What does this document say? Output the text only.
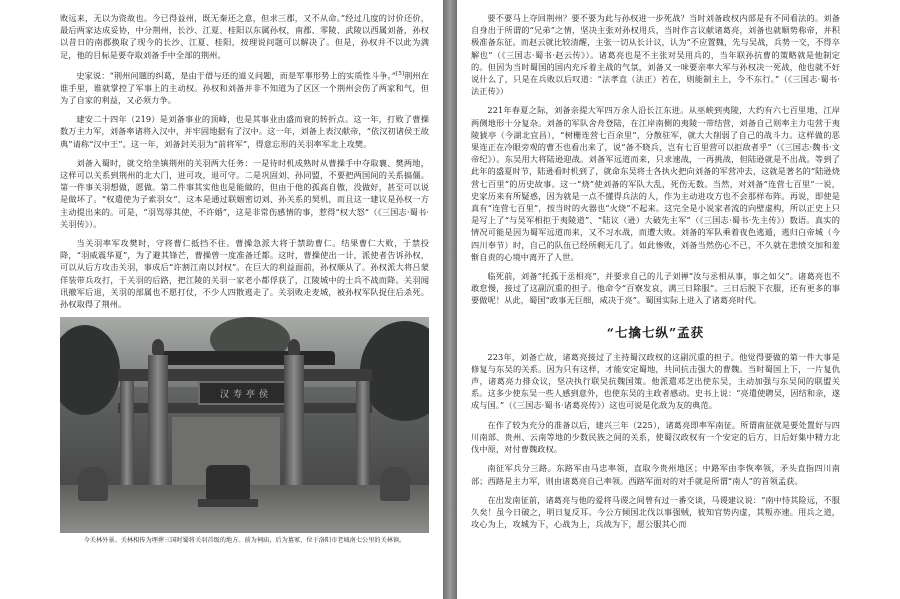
败远来，无以为资故也。今已得益州，既无秦还之意，但求三郡，又不从命。”经过几度的讨价还价，最后两家达成妥协，中分荆州，长沙、江夏、桂阳以东属孙权，南郡、零陵、武陵以西属刘备，孙权以昔日的南郡换取了现今的长沙、江夏、桂阳，按理说问题可以解决了。但是，孙权并不以此为满足，他的目标是要夺取刘备手中全部的荆州。

史家说：“荆州问题的纠葛，是由于借与还的道义问题，而是军事形势上的实质性斗争。”[5]荆州在谁手里，谁就掌控了军事上的主动权。孙权和刘备并非不知道为了区区一个荆州会伤了两家和气，但为了自家的利益，又必须力争。

建安二十四年（219）是刘备事业的顶峰，也是其事业由盛而衰的转折点。这一年，打败了曹操数万主力军，刘备率诸将入汉中，并牢固地据有了汉中。这一年，刘备上表汉献帝，“依汉初诸侯王故典”请称“汉中王”。这一年，刘备封关羽为“前将军”，得意忘形的关羽率军北上攻樊。

刘备入蜀时，就交给坐镇荆州的关羽两大任务：一是待时机成熟时从曹操手中夺取襄、樊两地，这样可以关系到荆州的北大门，进可攻，退可守。二是巩固刘、孙同盟，不要把两国间的关系搞僵。第一件事关羽想做，愿做。第二件事其实他也是能做的，但由于他的孤高自傲，没做好，甚至可以说是做坏了。“权遣使为子索羽女”，这本是通过联姻密切刘、孙关系的契机，而且这一建议是孙权一方主动提出来的。可是，“羽骂辱其使，不许婚”，这是非常伤感情的事，惹得“权大怒”（《三国志·蜀书·关羽传》）。

当关羽率军攻樊时，守将曹仁抵挡不住。曹操急派大将于禁助曹仁。结果曹仁大败，于禁投降，“羽威震华夏”，为了避其锋芒，曹操曾一度准备迁都。这时，曹操使出一计，派使者告诉孙权，可以从后方攻击关羽，事成后“许割江南以封权”。在巨大的利益面前，孙权顺从了。孙权派大将吕蒙佯装带兵攻打，于关羽的后路，把江陵的关羽一家老小都俘获了，江陵城中的士兵不战而降。关羽闻讯撤军后退，关羽的部属也不愿打仗，不少人四散逃走了。关羽败走麦城，被孙权军队捉住后杀死。孙权取得了荆州。

汉寿亭侯
今关林外景。关林相传为埋葬三国时蜀将关羽首级的地方。前为祠庙，后为墓冢，位于洛阳市老城南七公里的关林镇。

要不要马上夺回荆州？要不要为此与孙权进一步死战？当时刘备政权内部是有不同看法的。刘备自身出于所谓的“兄弟”之情，坚决主张对孙权用兵，当时作言议献诸葛亮，刘备也就顺势称帝，并积极准备东征。而赵云就比较清醒，主张一切从长计议，认为“不应置魏，先与吴战，兵势一交，不得卒解也”（《三国志·蜀书·赵云传》）。诸葛亮也是不主张对吴用兵的，当年联孙抗曹的策略就是他制定的。但因为当时蜀国的国内充斥着主战的气氛，刘备又一味要亲率大军与孙权决一死战，他也就不好说什么了，只是在兵败以后叹道：“法孝直（法正）若在，则能制主上，令不东行。”（《三国志·蜀书·法正传》）

221年春夏之际，刘备亲提大军四万余人沿长江东进。从巫峡到夷陵，大约有六七百里地，江岸两侧地形十分复杂。刘备的军队舍舟登陆，在江岸南侧的夷陵一带结营，刘备自己则率主力屯营于夷陵猇亭（今湖北宜昌），“树栅连营七百余里”，分散驻军，就大大削弱了自己的战斗力。这样做的恶果连正在冷眼旁观的曹丕也看出来了，说“备不晓兵，岂有七百里营可以拒敌者乎”（《三国志·魏书·文帝纪》）。东吴用大将陆逊迎战。刘备军远道而来，只求速战，一再挑战，但陆逊就是不出战。等到了此年的盛夏时节，陆逊看时机到了，就命东吴将士各执火把向刘备的军营冲去，这就是著名的“陆逊烧营七百里”的历史故事。这一“烧”使刘备的军队大乱，死伤无数。当然，对刘备“连营七百里”一说，史家历来有所疑惑，因为就是一点不懂得兵法的人，作为主动进攻方也不会那样布阵。再说，即使是真有“连营七百里”，按当时的火器也“火烧”不起来。这完全是小说家者流的向壁虚构，所以正史上只是写上了“与吴军相拒于夷陵道”、“陆议（逊）大破先主军”（《三国志·蜀书·先主传》）数语。真实的情况可能是因为蜀军远道而来，又不习水战，而遭大败。刘备的军队乘着夜色逃遁，逃归白帝城（今四川奉节）时，自己的队伍已经所剩无几了。如此惨败，刘备当然伤心不已，不久就在悲愤交加和羞惭自责的心境中离开了人世。

临死前，刘备“托孤于丞相亮”，并要求自己的儿子刘禅“汝与丞相从事，事之如父”。诸葛亮也不敢怠慢，接过了这副沉重的担子。他命令“百寮发哀，满三日除服”。三日后脱下衣服，还有更多的事要做呢！从此，蜀国“政事无巨细，咸决于亮”。蜀国实际上进入了诸葛亮时代。

“七擒七纵”孟获

223年，刘备亡故，诸葛亮接过了主持蜀汉政权的这副沉重的担子。他觉得要做的第一件大事是修复与东吴的关系。因为只有这样，才能安定蜀地，共同抗击强大的曹魏。当时蜀国上下，一片复仇声，诸葛亮力排众议，坚决执行联吴抗魏国策。他派遣邓芝出使东吴，主动加强与东吴间的联盟关系。这多少使东吴一些人感到意外，也使东吴的主政者感动。史书上说：“亮遣使聘吴，因结和亲，遂成与国。”（《三国志·蜀书·诸葛亮传》）这也可说是化敌为友的典范。

在作了较为充分的准备以后，建兴三年（225），诸葛亮即率军南征。所谓南征就是要处置好与四川南部、贵州、云南等地的少数民族之间的关系，使蜀汉政权有一个安定的后方，日后好集中精力北伐中原，对付曹魏政权。

南征军兵分三路。东路军由马忠率领，直取今贵州地区；中路军由李恢率领，矛头直指四川南部；西路是主力军，则由诸葛亮自己率领。西路军面对的对手就是所谓“南人”的首领孟获。

在出发南征前，诸葛亮与他的爱将马谡之间曾有过一番交谈，马谡建议说：“南中恃其险远，不服久矣！虽今日破之，明日复反耳。今公方倾国北伐以事强贼，彼知官势内虚，其叛亦速。用兵之道，攻心为上，攻城为下，心战为上，兵战为下，愿公服其心而
